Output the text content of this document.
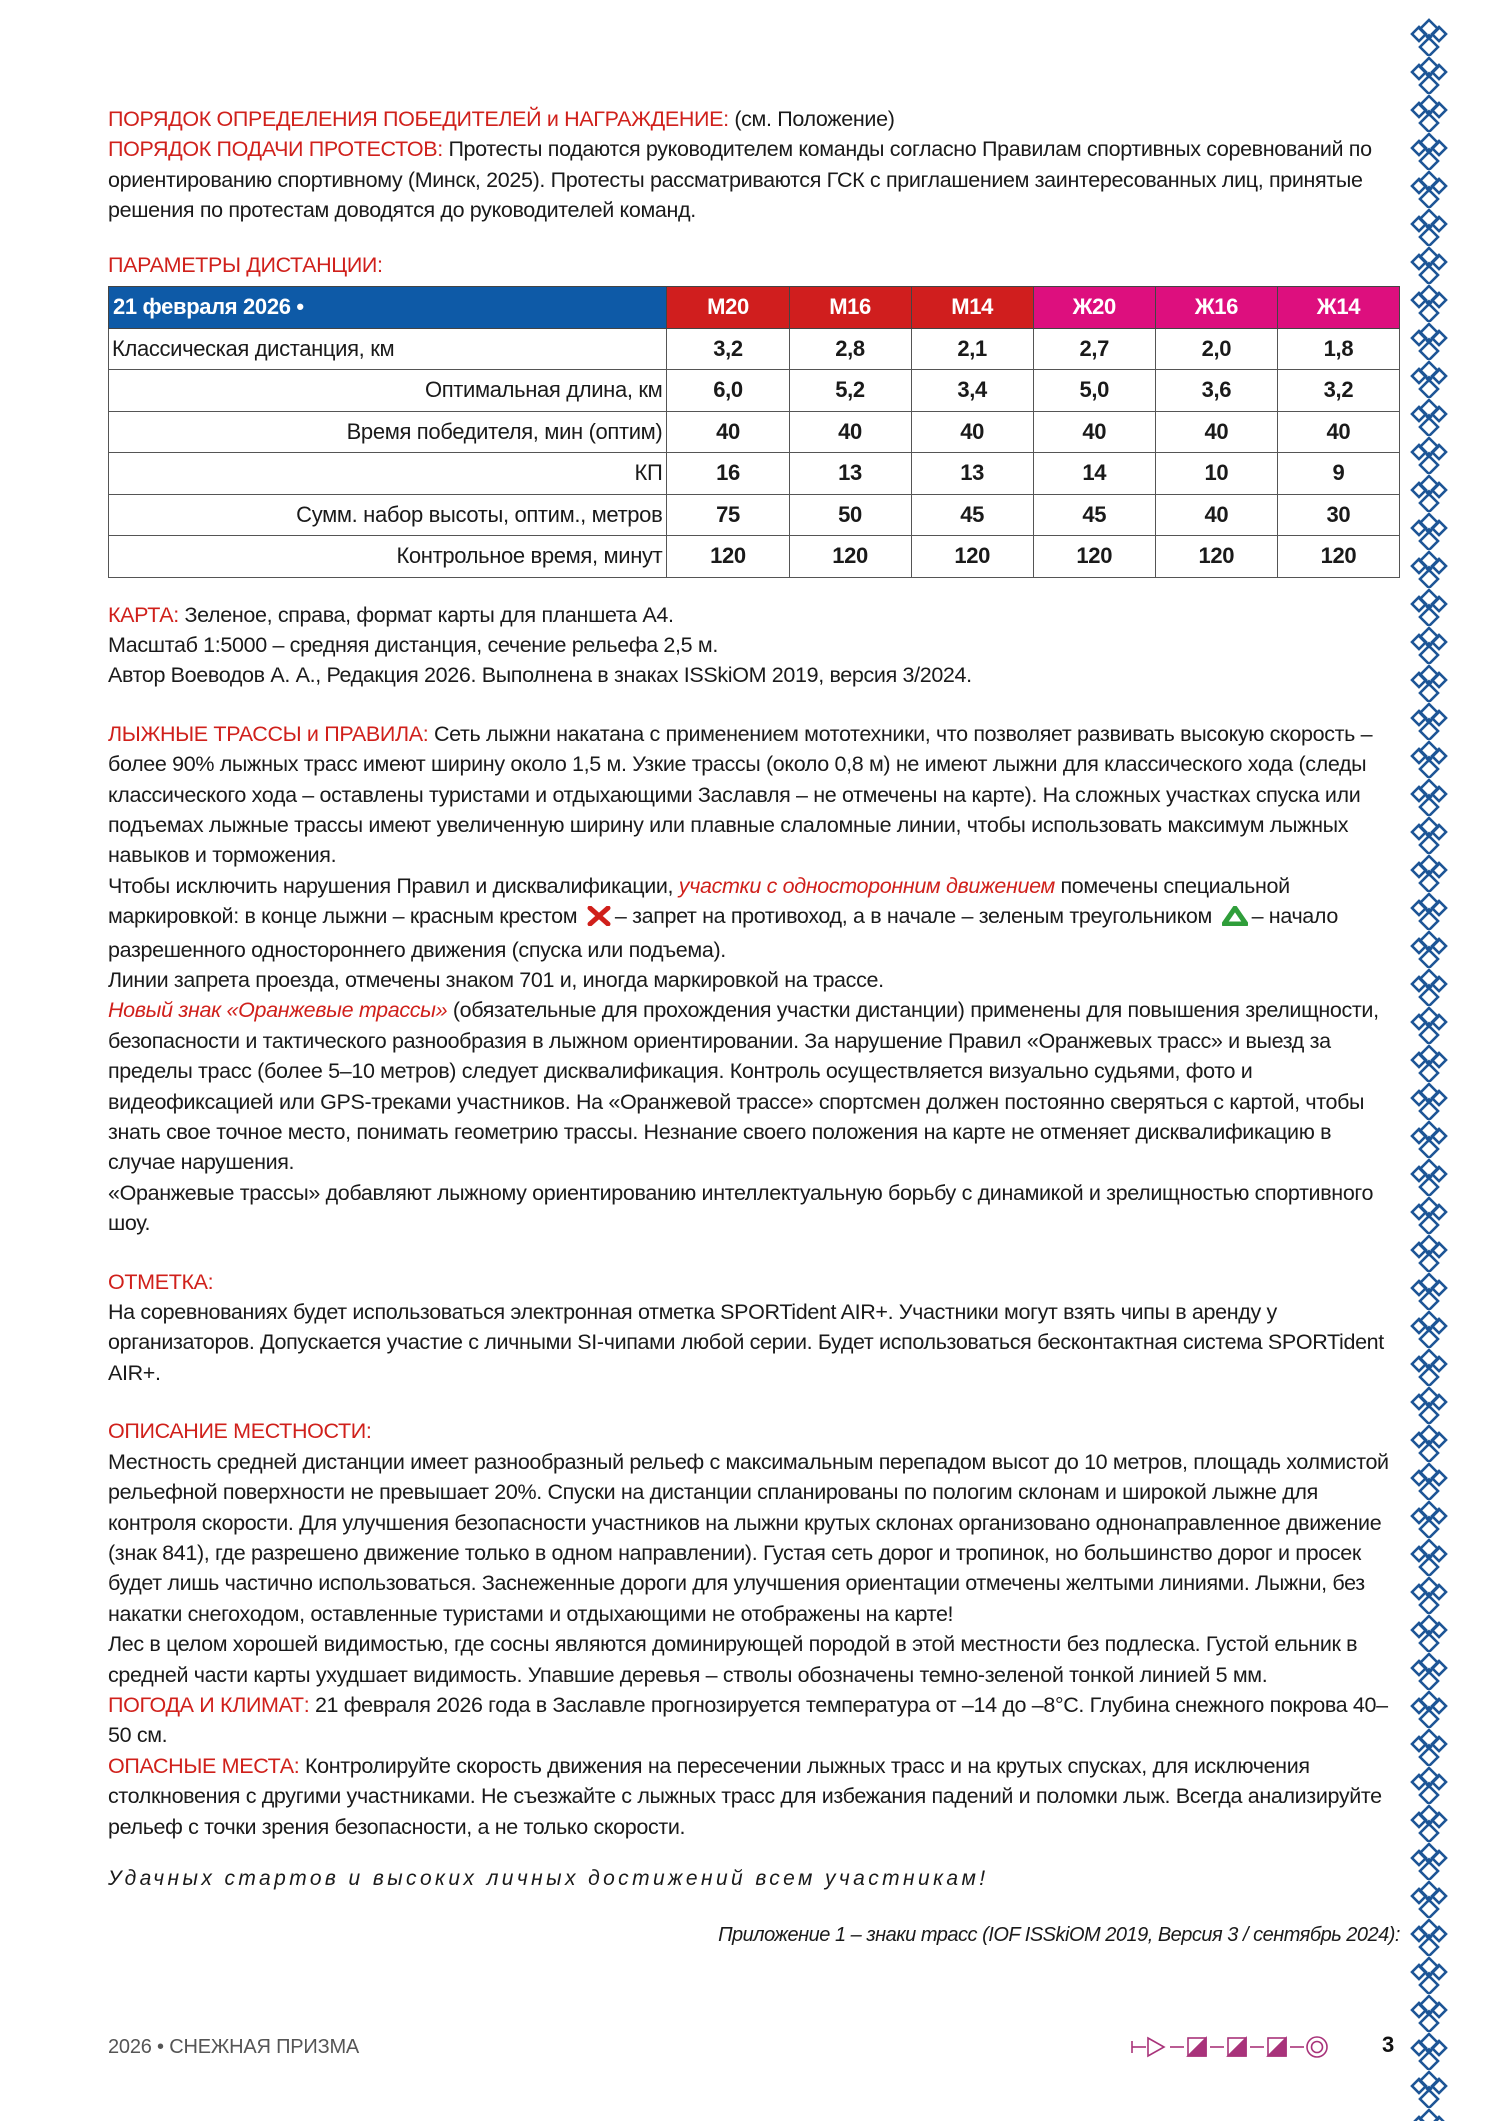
ПОРЯДОК ОПРЕДЕЛЕНИЯ ПОБЕДИТЕЛЕЙ и НАГРАЖДЕНИЕ: (см. Положение)

ПОРЯДОК ПОДАЧИ ПРОТЕСТОВ: Протесты подаются руководителем команды согласно Правилам спортивных соревнований по ориентированию спортивному (Минск, 2025). Протесты рассматриваются ГСК с приглашением заинтересованных лиц, принятые решения по протестам доводятся до руководителей команд.

ПАРАМЕТРЫ ДИСТАНЦИИ:
21 февраля 2026 •	М20	М16	М14	Ж20	Ж16	Ж14
Классическая дистанция, км	3,2	2,8	2,1	2,7	2,0	1,8
Оптимальная длина, км	6,0	5,2	3,4	5,0	3,6	3,2
Время победителя, мин (оптим)	40	40	40	40	40	40
КП	16	13	13	14	10	9
Сумм. набор высоты, оптим., метров	75	50	45	45	40	30
Контрольное время, минут	120	120	120	120	120	120

КАРТА: Зеленое, справа, формат карты для планшета А4.
Масштаб 1:5000 – средняя дистанция, сечение рельефа 2,5 м.
Автор Воеводов А. А., Редакция 2026. Выполнена в знаках ISSkiOM 2019, версия 3/2024.

ЛЫЖНЫЕ ТРАССЫ и ПРАВИЛА: Сеть лыжни накатана с применением мототехники, что позволяет развивать высокую скорость – более 90% лыжных трасс имеют ширину около 1,5 м. Узкие трассы (около 0,8 м) не имеют лыжни для классического хода (следы классического хода – оставлены туристами и отдыхающими Заславля – не отмечены на карте). На сложных участках спуска или подъемах лыжные трассы имеют увеличенную ширину или плавные слаломные линии, чтобы использовать максимум лыжных навыков и торможения.

Чтобы исключить нарушения Правил и дисквалификации, участки с односторонним движением помечены специальной маркировкой: в конце лыжни – красным крестом – запрет на противоход, а в начале – зеленым треугольником – начало разрешенного одностороннего движения (спуска или подъема).

Линии запрета проезда, отмечены знаком 701 и, иногда маркировкой на трассе.

Новый знак «Оранжевые трассы» (обязательные для прохождения участки дистанции) применены для повышения зрелищности, безопасности и тактического разнообразия в лыжном ориентировании. За нарушение Правил «Оранжевых трасс» и выезд за пределы трасс (более 5–10 метров) следует дисквалификация. Контроль осуществляется визуально судьями, фото и видеофиксацией или GPS-треками участников. На «Оранжевой трассе» спортсмен должен постоянно сверяться с картой, чтобы знать свое точное место, понимать геометрию трассы. Незнание своего положения на карте не отменяет дисквалификацию в случае нарушения.

«Оранжевые трассы» добавляют лыжному ориентированию интеллектуальную борьбу с динамикой и зрелищностью спортивного шоу.

ОТМЕТКА:

На соревнованиях будет использоваться электронная отметка SPORTident AIR+. Участники могут взять чипы в аренду у организаторов. Допускается участие с личными SI-чипами любой серии. Будет использоваться бесконтактная система SPORTident AIR+.

ОПИСАНИЕ МЕСТНОСТИ:

Местность средней дистанции имеет разнообразный рельеф с максимальным перепадом высот до 10 метров, площадь холмистой рельефной поверхности не превышает 20%. Спуски на дистанции спланированы по пологим склонам и широкой лыжне для контроля скорости. Для улучшения безопасности участников на лыжни крутых склонах организовано однонаправленное движение (знак 841), где разрешено движение только в одном направлении). Густая сеть дорог и тропинок, но большинство дорог и просек будет лишь частично использоваться. Заснеженные дороги для улучшения ориентации отмечены желтыми линиями. Лыжни, без накатки снегоходом, оставленные туристами и отдыхающими не отображены на карте!

Лес в целом хорошей видимостью, где сосны являются доминирующей породой в этой местности без подлеска. Густой ельник в средней части карты ухудшает видимость. Упавшие деревья – стволы обозначены темно-зеленой тонкой линией 5 мм.

ПОГОДА И КЛИМАТ: 21 февраля 2026 года в Заславле прогнозируется температура от –14 до –8°С. Глубина снежного покрова 40–50 см.

ОПАСНЫЕ МЕСТА: Контролируйте скорость движения на пересечении лыжных трасс и на крутых спусках, для исключения столкновения с другими участниками. Не съезжайте с лыжных трасс для избежания падений и поломки лыж. Всегда анализируйте рельеф с точки зрения безопасности, а не только скорости.

Удачных стартов и высоких личных достижений всем участникам!
Приложение 1 – знаки трасс (IOF ISSkiOM 2019, Версия 3 / сентябрь 2024):
2026 • СНЕЖНАЯ ПРИЗМА	3
